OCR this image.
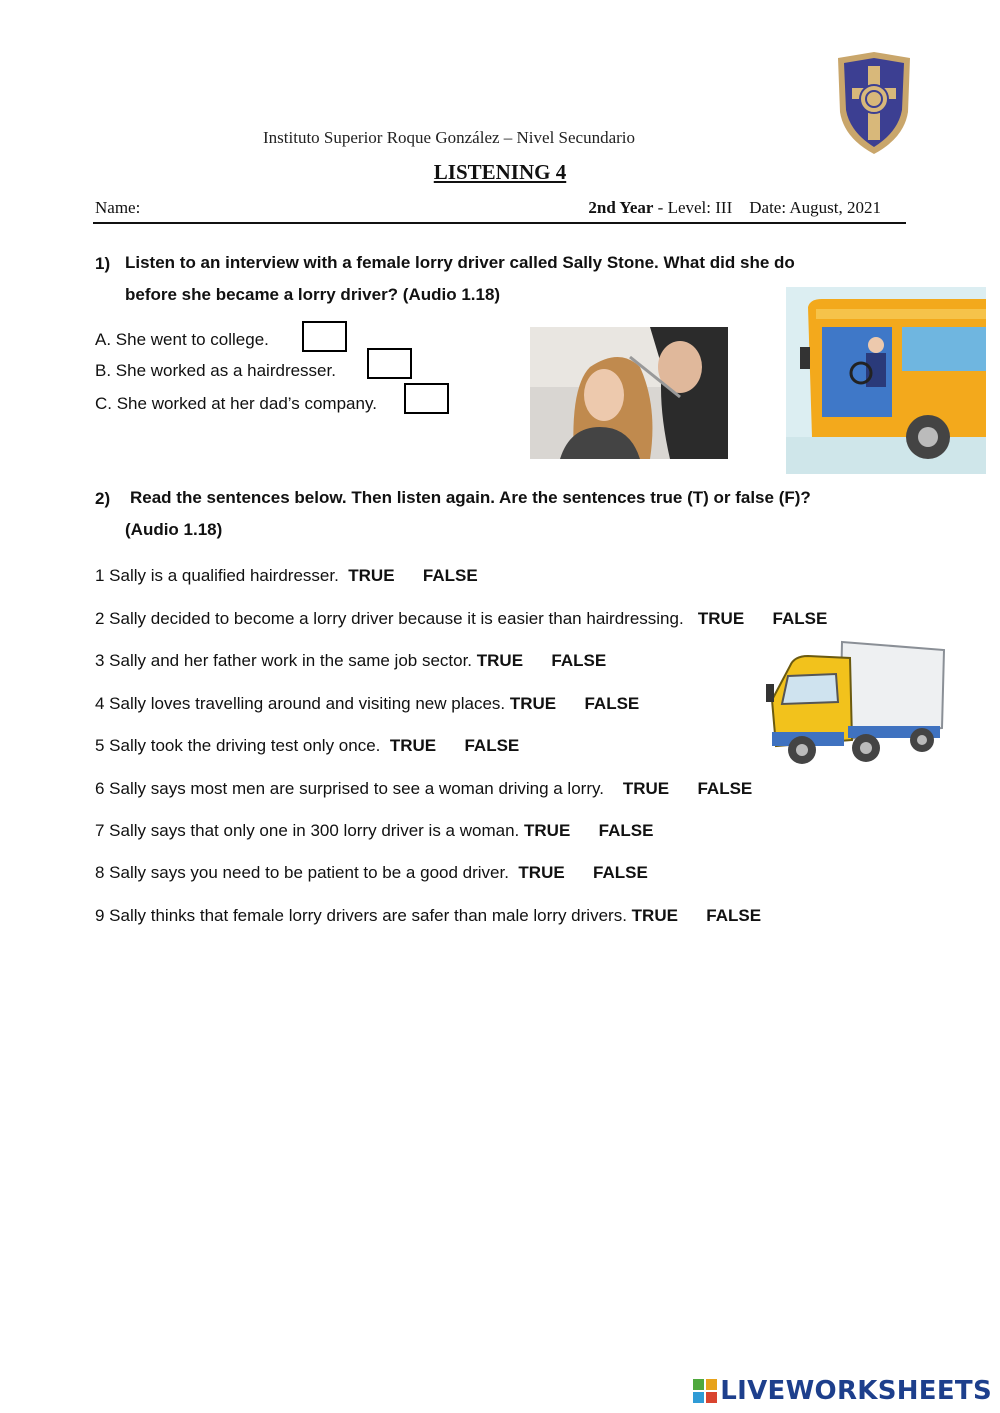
Instituto Superior Roque González – Nivel Secundario
LISTENING 4
Name:	2nd Year - Level: III Date: August, 2021
1) Listen to an interview with a female lorry driver called Sally Stone. What did she do
before she became a lorry driver? (Audio 1.18)
A. She went to college.
B. She worked as a hairdresser.
C. She worked at her dad’s company.
2) Read the sentences below. Then listen again. Are the sentences true (T) or false (F)?
(Audio 1.18)
1 Sally is a qualified hairdresser. TRUE FALSE
2 Sally decided to become a lorry driver because it is easier than hairdressing. TRUE FALSE
3 Sally and her father work in the same job sector. TRUE FALSE
4 Sally loves travelling around and visiting new places. TRUE FALSE
5 Sally took the driving test only once. TRUE FALSE
6 Sally says most men are surprised to see a woman driving a lorry. TRUE FALSE
7 Sally says that only one in 300 lorry driver is a woman. TRUE FALSE
8 Sally says you need to be patient to be a good driver. TRUE FALSE
9 Sally thinks that female lorry drivers are safer than male lorry drivers. TRUE FALSE
LIVEWORKSHEETS
